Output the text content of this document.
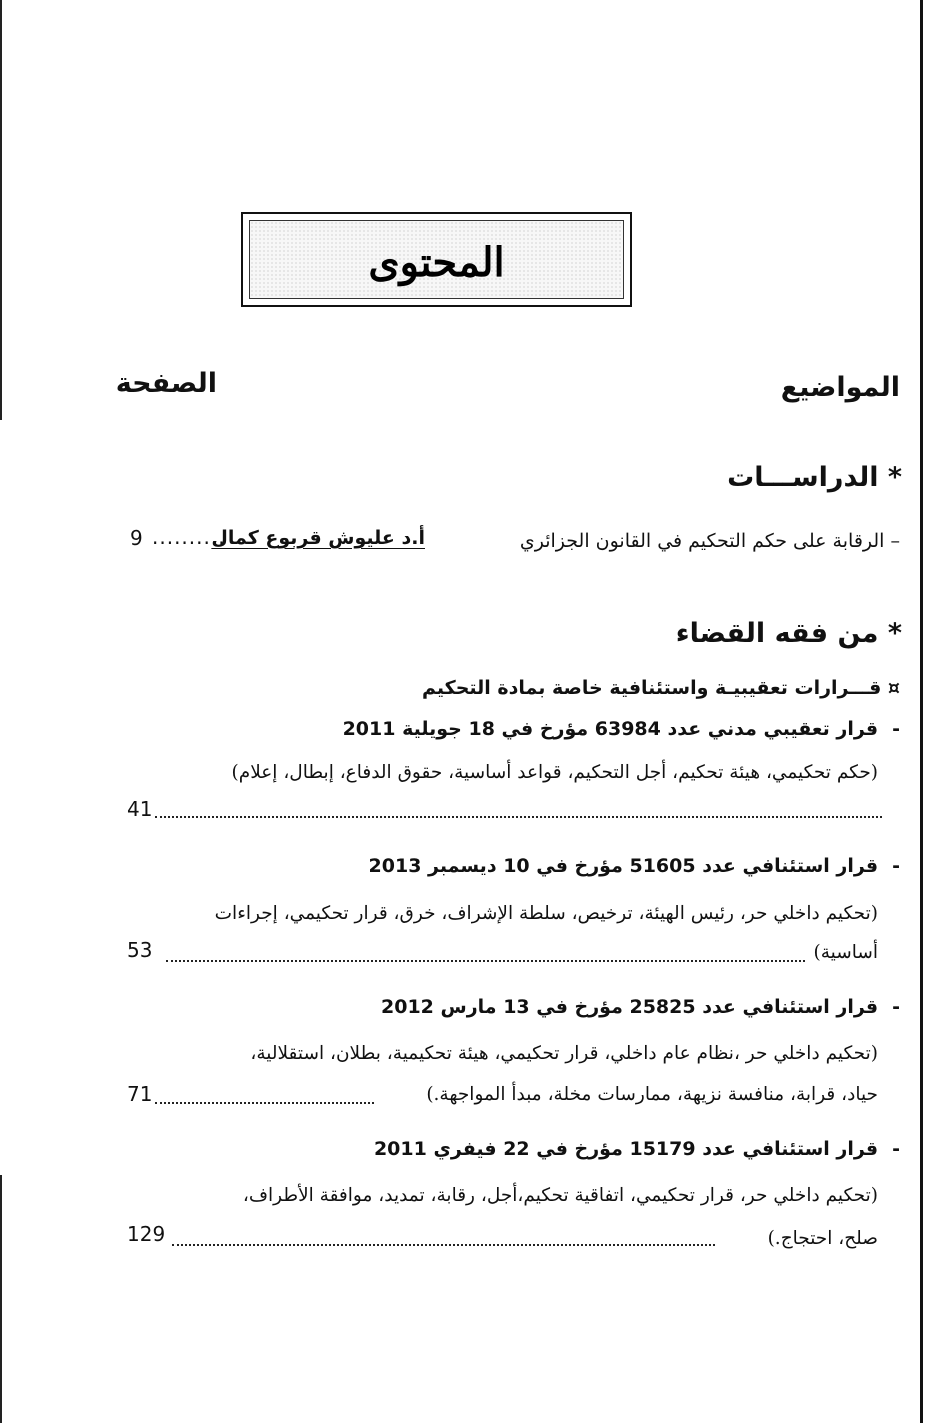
المحتوى
المواضيع
الصفحة
* الدراســـات
– الرقابة على حكم التحكيم في القانون الجزائري
أ.د عليوش قربوع كمال
..........
9
* من فقه القضاء
¤ قـــرارات تعقيبيـة واستئنافية خاصة بمادة التحكيم
-قرار تعقيبي مدني عدد 63984 مؤرخ في 18 جويلية 2011
(حكم تحكيمي، هيئة تحكيم، أجل التحكيم، قواعد أساسية، حقوق الدفاع، إبطال، إعلام)
41
-قرار استئنافي عدد 51605 مؤرخ في 10 ديسمبر 2013
(تحكيم داخلي حر، رئيس الهيئة، ترخيص، سلطة الإشراف، خرق، قرار تحكيمي، إجراءات
أساسية)
53
-قرار استئنافي عدد 25825 مؤرخ في 13 مارس 2012
(تحكيم داخلي حر ،نظام عام داخلي، قرار تحكيمي، هيئة تحكيمية، بطلان، استقلالية،
حياد، قرابة، منافسة نزيهة، ممارسات مخلة، مبدأ المواجهة.)
71
-قرار استئنافي عدد 15179 مؤرخ في 22 فيفري 2011
(تحكيم داخلي حر، قرار تحكيمي، اتفاقية تحكيم،أجل، رقابة، تمديد، موافقة الأطراف،
صلح، احتجاج.)
129
